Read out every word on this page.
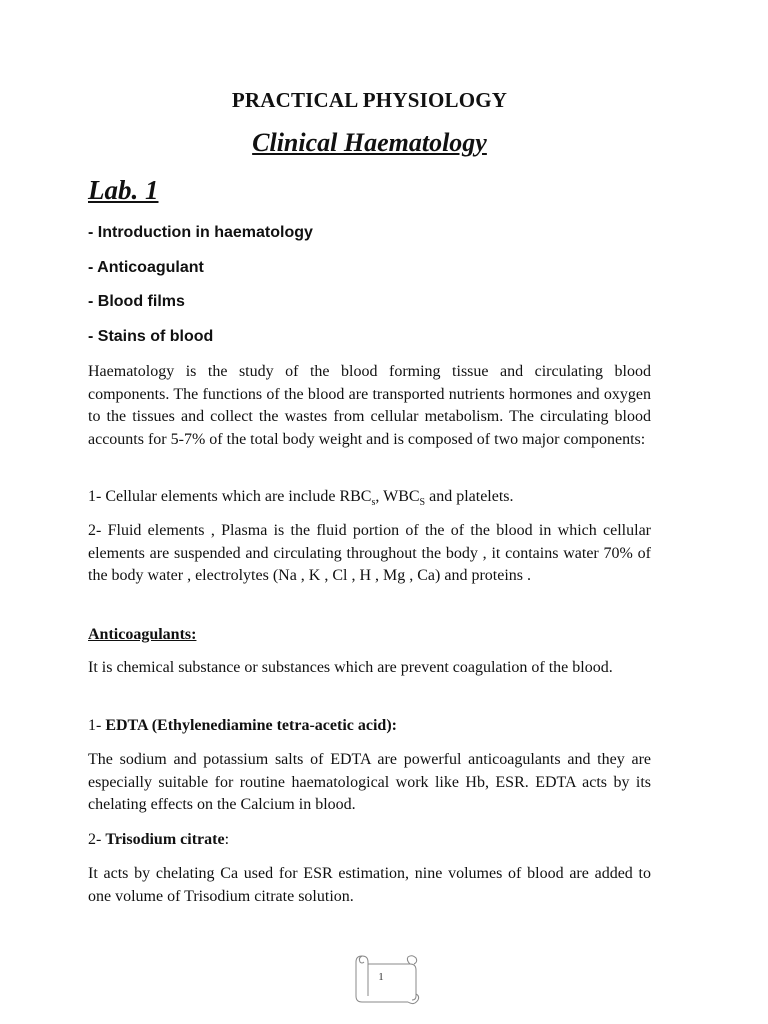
PRACTICAL PHYSIOLOGY
Clinical Haematology
Lab. 1
- Introduction in haematology
- Anticoagulant
- Blood films
- Stains of blood
Haematology is the study of the blood forming tissue and circulating blood components. The functions of the blood are transported nutrients hormones and oxygen to the tissues and collect the wastes from cellular metabolism. The circulating blood accounts for 5-7% of the total body weight and is composed of two major components:
1- Cellular elements which are include $RBC_s$, $WBC_S$ and platelets.
2- Fluid elements , Plasma is the fluid portion of the of the blood in which cellular elements are suspended and circulating throughout the body , it contains water 70% of the body water , electrolytes (Na , K , Cl , H , Mg , Ca) and proteins .
Anticoagulants:
It is chemical substance or substances which are prevent coagulation of the blood.
1- EDTA (Ethylenediamine tetra-acetic acid):
The sodium and potassium salts of EDTA are powerful anticoagulants and they are especially suitable for routine haematological work like Hb, ESR. EDTA acts by its chelating effects on the Calcium in blood.
2- Trisodium citrate:
It acts by chelating Ca used for ESR estimation, nine volumes of blood are added to one volume of Trisodium citrate solution.
1
